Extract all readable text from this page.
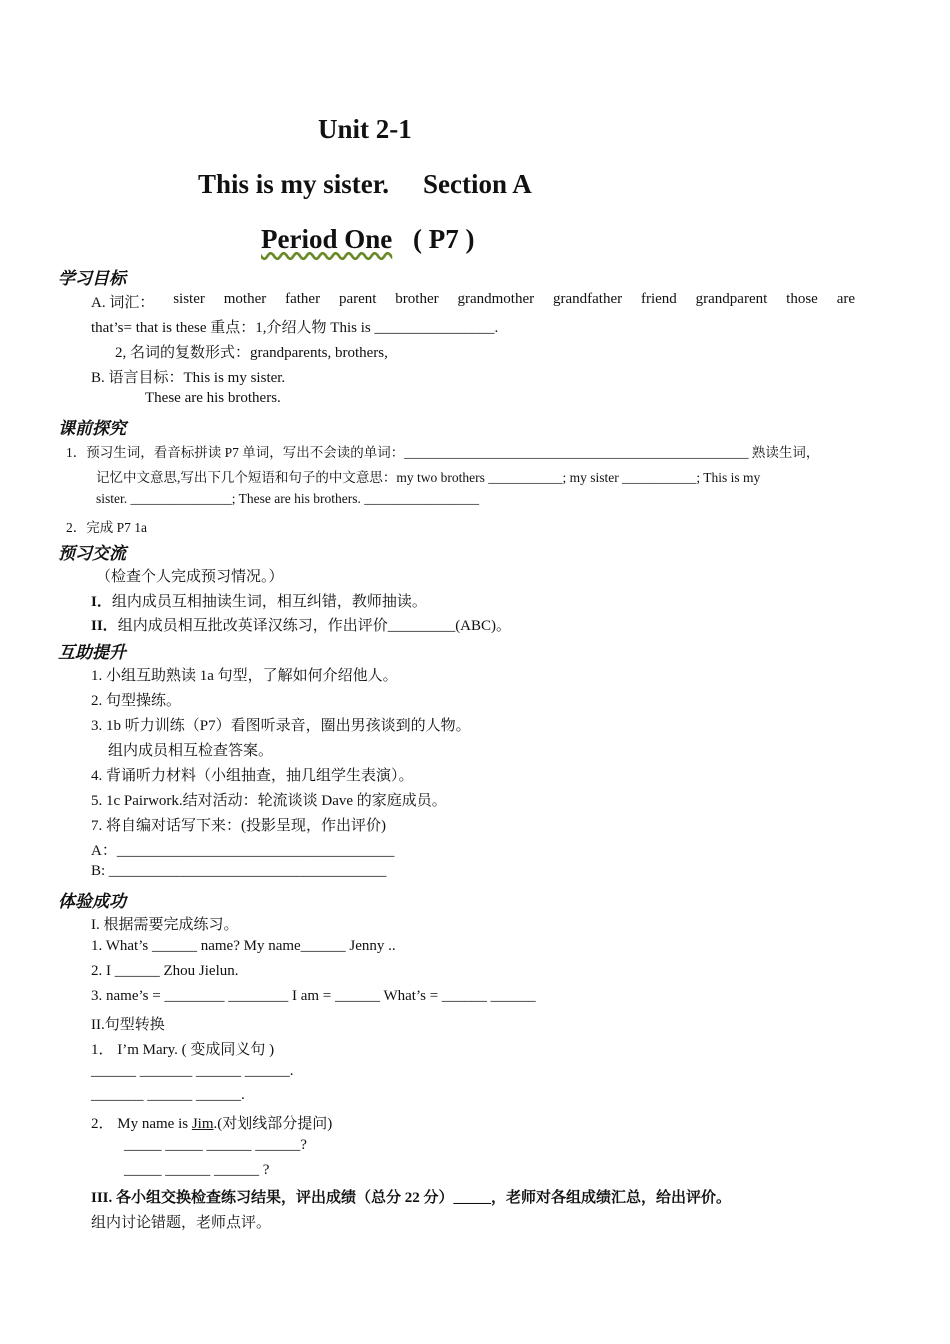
Unit 2-1
This is my sister. Section A
Period One ( P7 )
学习目标
A. 词汇： sister mother father parent brother grandmother grandfather friend grandparent those are
that’s= that is these 重点：1,介绍人物 This is ________________.
2, 名词的复数形式：grandparents, brothers,
B. 语言目标：This is my sister.
These are his brothers.
课前探究
1．预习生词，看音标拼读 P7 单词，写出不会读的单词：___________________________________________________ 熟读生词，
记忆中文意思,写出下几个短语和句子的中文意思：my two brothers ___________; my sister ___________; This is my
sister. _______________; These are his brothers. _________________
2．完成 P7 1a
预习交流
（检查个人完成预习情况。）
I．组内成员互相抽读生词，相互纠错，教师抽读。
II．组内成员相互批改英译汉练习，作出评价_________(ABC)。
互助提升
1. 小组互助熟读 1a 句型，了解如何介绍他人。
2. 句型操练。
3. 1b 听力训练（P7）看图听录音，圈出男孩谈到的人物。
组内成员相互检查答案。
4. 背诵听力材料（小组抽查，抽几组学生表演）。
5. 1c Pairwork.结对活动：轮流谈谈 Dave 的家庭成员。
7. 将自编对话写下来：(投影呈现，作出评价)
A：_____________________________________
B: _____________________________________
体验成功
I. 根据需要完成练习。
1. What’s ______ name? My name______ Jenny ..
2. I ______ Zhou Jielun.
3. name’s = ________ ________ I am = ______ What’s = ______ ______
II.句型转换
1． I’m Mary. ( 变成同义句 )
______ _______ ______ ______.
_______ ______ ______.
2． My name is Jim.(对划线部分提问)
_____ _____ ______ ______?
_____ ______ ______ ?
III. 各小组交换检查练习结果，评出成绩（总分 22 分）_____，老师对各组成绩汇总，给出评价。
组内讨论错题，老师点评。
